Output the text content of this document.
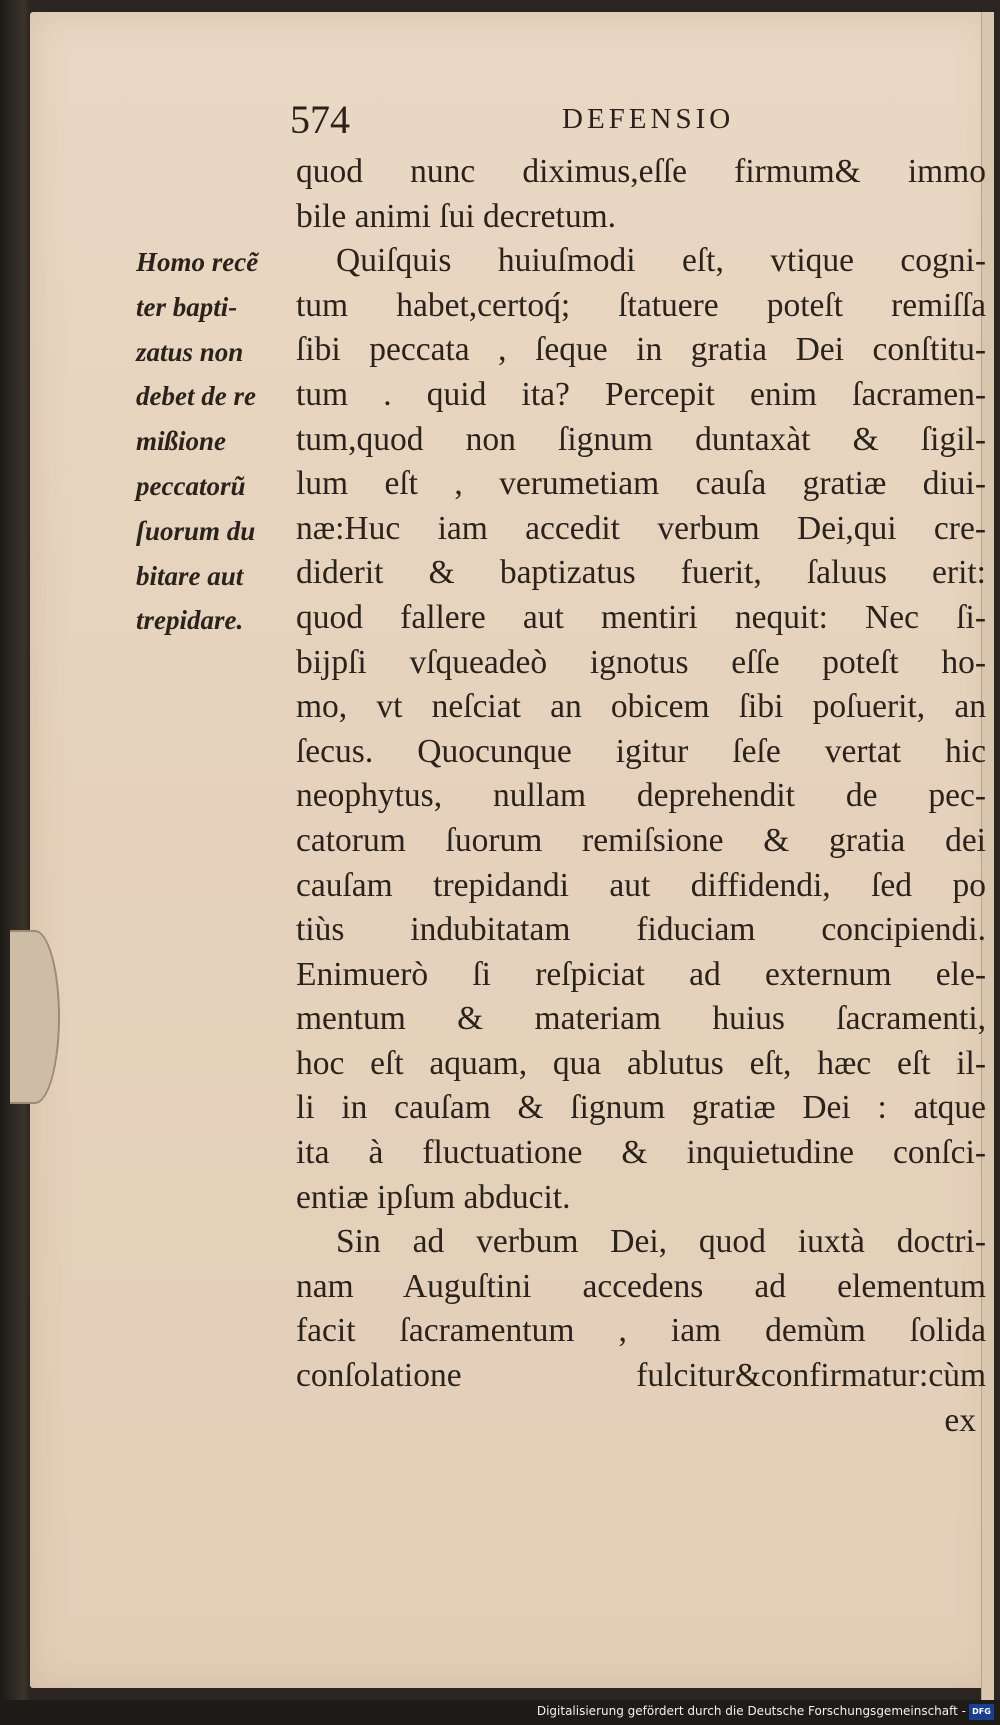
574	DEFENSIO
Homo recẽ
ter bapti-
zatus non
debet de re
mißione
peccatorũ
ſuorum du
bitare aut
trepidare.
quod nunc diximus,eſſe firmum& immo
bile animi ſui decretum.
Quiſquis huiuſmodi eſt, vtique cogni-
tum habet,certoq́; ſtatuere poteſt remiſſa
ſibi peccata , ſeque in gratia Dei conſtitu-
tum . quid ita? Percepit enim ſacramen-
tum,quod non ſignum duntaxàt & ſigil-
lum eſt , verumetiam cauſa gratiæ diui-
næ:Huc iam accedit verbum Dei,qui cre-
diderit & baptizatus fuerit, ſaluus erit:
quod fallere aut mentiri nequit: Nec ſi-
bijpſi vſqueadeò ignotus eſſe poteſt ho-
mo, vt neſciat an obicem ſibi poſuerit, an
ſecus. Quocunque igitur ſeſe vertat hic
neophytus, nullam deprehendit de pec-
catorum ſuorum remiſsione & gratia dei
cauſam trepidandi aut diffidendi, ſed po
tiùs indubitatam fiduciam concipiendi.
Enimuerò ſi reſpiciat ad externum ele-
mentum & materiam huius ſacramenti,
hoc eſt aquam, qua ablutus eſt, hæc eſt il-
li in cauſam & ſignum gratiæ Dei : atque
ita à fluctuatione & inquietudine conſci-
entiæ ipſum abducit.
Sin ad verbum Dei, quod iuxtà doctri-
nam Auguſtini accedens ad elementum
facit ſacramentum , iam demùm ſolida
conſolatione fulcitur&confirmatur:cùm
ex
Digitalisierung gefördert durch die Deutsche Forschungsgemeinschaft - DFG
